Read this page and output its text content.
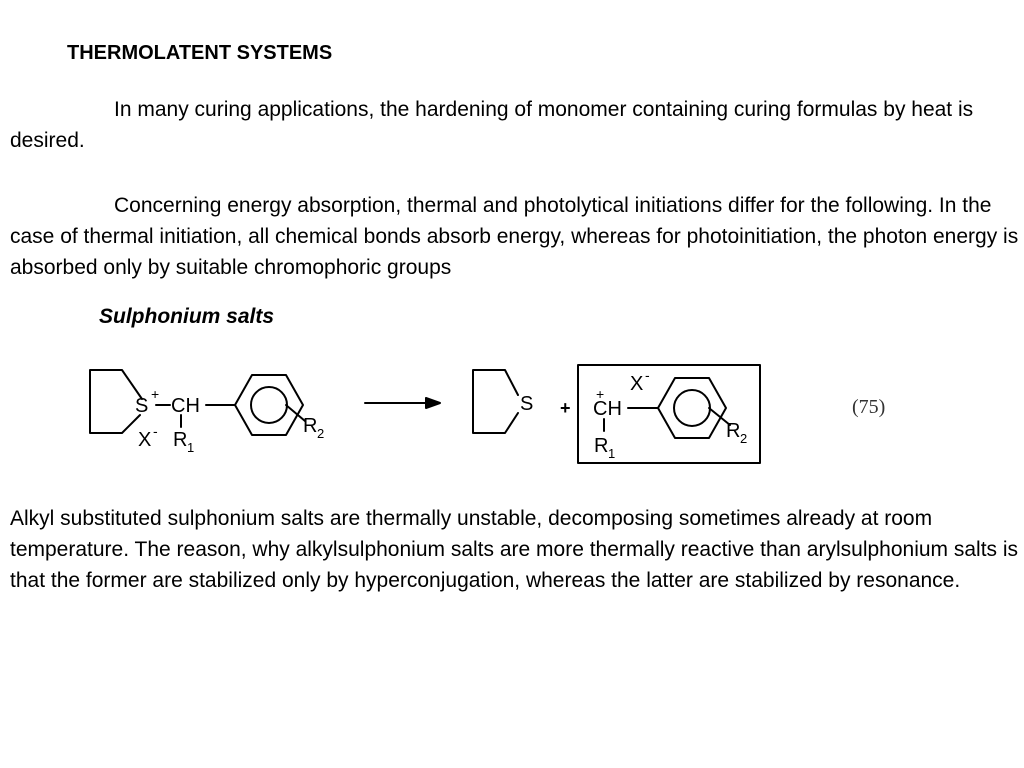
THERMOLATENT SYSTEMS

In many curing applications, the hardening of monomer containing curing formulas by heat is desired.

Concerning energy absorption, thermal and photolytical initiations differ for the following. In the case of thermal initiation, all chemical bonds absorb energy, whereas for photoinitiation, the photon energy is absorbed only by suitable chromophoric groups

Sulphonium salts
S
+
CH
X - R 1
R 2
S +
+
CH
X -
R 1
R 2
(75)

Alkyl substituted sulphonium salts are thermally unstable, decomposing sometimes already at room temperature. The reason, why alkylsulphonium salts are more thermally reactive than arylsulphonium salts is that the former are stabilized only by hyperconjugation, whereas the latter are stabilized by resonance.
